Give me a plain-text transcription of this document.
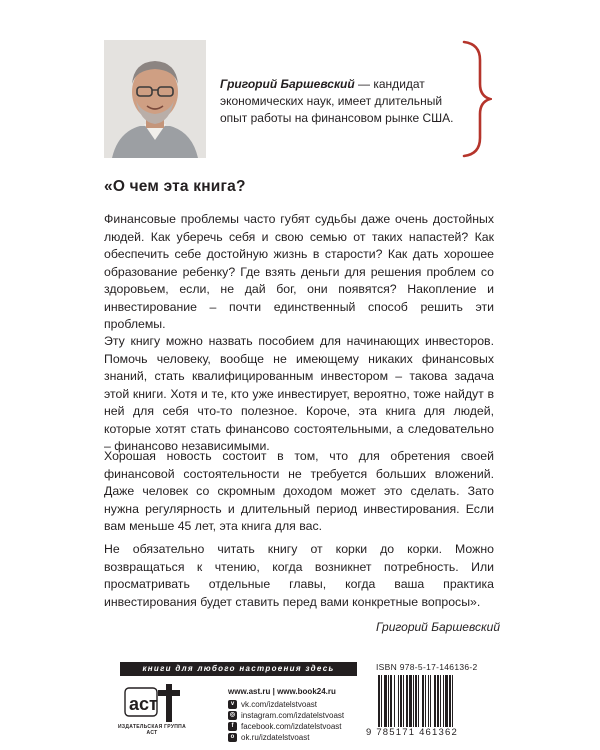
Григорий Баршевский — кандидат экономических наук, имеет длительный опыт работы на финансовом рынке США.
«О чем эта книга?

Финансовые проблемы часто губят судьбы даже очень достойных людей. Как уберечь себя и свою семью от таких напастей? Как обеспечить себе достойную жизнь в старости? Как дать хорошее образование ребенку? Где взять деньги для решения проблем со здоровьем, если, не дай бог, они появятся? Накопление и инвестирование – почти единственный способ решить эти проблемы.

Эту книгу можно назвать пособием для начинающих инвесторов. Помочь человеку, вообще не имеющему никаких финансовых знаний, стать квалифицированным инвестором – такова задача этой книги. Хотя и те, кто уже инвестирует, вероятно, тоже найдут в ней для себя что-то полезное. Короче, эта книга для людей, которые хотят стать финансово состоятельными, а следовательно – финансово независимыми.

Хорошая новость состоит в том, что для обретения своей финансовой состоятельности не требуется больших вложений. Даже человек со скромным доходом может это сделать. Зато нужна регулярность и длительный период инвестирования. Если вам меньше 45 лет, эта книга для вас.

Не обязательно читать книгу от корки до корки. Можно возвращаться к чтению, когда возникнет потребность. Или просматривать отдельные главы, когда ваша практика инвестирования будет ставить перед вами конкретные вопросы».

Григорий Баршевский
книги для любого настроения здесь
аст
ИЗДАТЕЛЬСКАЯ ГРУППА АСТ
www.ast.ru | www.book24.ru
v vk.com/izdatelstvoast
◎ instagram.com/izdatelstvoast
f facebook.com/izdatelstvoast
о ok.ru/izdatelstvoast
ISBN 978-5-17-146136-2
9 785171 461362
